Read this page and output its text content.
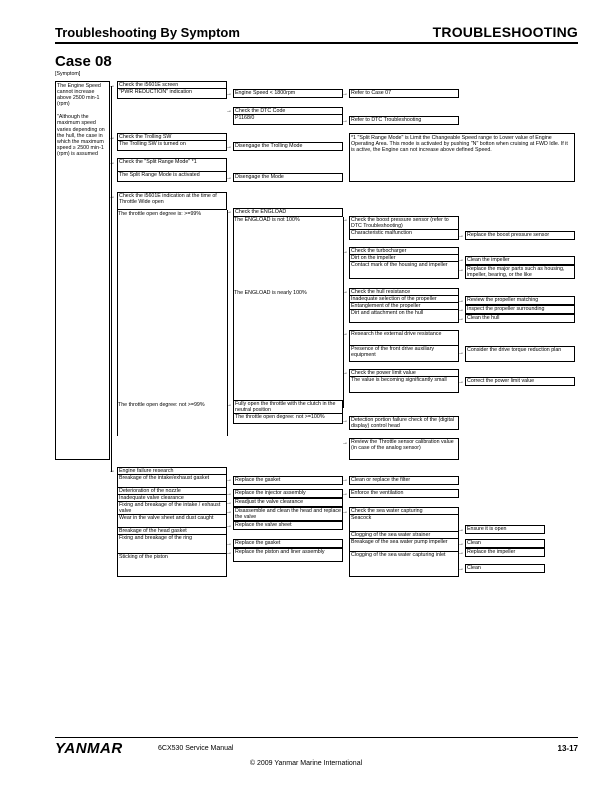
Troubleshooting By Symptom	TROUBLESHOOTING
Case 08
[Symptom]

The Engine Speed cannot increase above 2500 min-1 (rpm)

"Although the maximum speed varies depending on the hull, the case in which the maximum speed ≥ 2500 min-1 (rpm) is assumed

→ Check the i5601E screen
"PWR REDUCTION" indication	→ Engine Speed < 1800rpm	→ Refer to Case 07
→ Check the DTC Code
P1168/0	→ Refer to DTC Troubleshooting
→ Check the Trolling SW
The Trolling SW is turned on	→ Disengage the Trolling Mode
→ Check the "Split Range Mode" *1
The Split Range Mode is activated	→ Disengage the Mode
*1 "Split Range Mode" is Limit the Changeable Speed range to Lower value of Engine Operating Area. This mode is activated by pushing "N" botton when cruising at FWD Idle. If it is active, the Engine can not increase above defined Speed.
→ Check the i5601E indication at the time of Throttle Wide open
The throttle open degree is: >=99%	→ Check the ENGLOAD
The ENGLOAD is not 100%
The ENGLOAD is nearly 100%
→ Check the boost pressure sensor (refer to DTC Troubleshooting)
Characteristic malfunction	→ Replace the boost pressure sensor
→ Check the turbocharger
Dirt on the impeller
Contact mark of the housing and impeller
→ Clean the impeller
→ Replace the major parts such as housing, impeller, bearing, or the like
→ Check the hull resistance
Inadequate selection of the propeller
Entanglement of the propeller
Dirt and attachment on the hull
→ Review the propeller matching
→ Inspect the propeller surrounding
→ Clean the hull
→ Research the external drive resistance
Presence of the front drive auxiliary equipment	→ Consider the drive torque reduction plan
→ Check the power limit value
The value is becoming significantly small	→ Correct the power limit value
The throttle open degree: not >=99%	→ Fully open the throttle with the clutch in the neutral position
The throttle open degree: not >=100%
→ Detection portion failure check of the (digital display) control head
→ Review the Throttle sensor calibration value (in case of the analog sensor)
→ Engine failure research
Breakage of the intake/exhaust gasket
Deterioration of the nozzle
Inadequate valve clearance
Fixing and breakage of the intake / exhaust valve
Wear in the valve sheet and dust caught
Breakage of the head gasket
Fixing and breakage of the ring
Sticking of the piston
→ Replace the gasket
→ Replace the injector assembly
→ Readjust the valve clearance
→ Disassemble and clean the head and replace the valve
→ Replace the valve sheet
→ Replace the gasket
→ Replace the piston and liner assembly
→ Clean or replace the filter
→ Enforce the ventilation
→ Check the sea water capturing
Seacock
Clogging of the sea water strainer
Breakage of the sea water pump impeller
Clogging of the sea water capturing inlet
→ Ensure it is open
→ Clean
→ Replace the impeller
→ Clean
YANMAR	6CX530 Service Manual	13-17
© 2009 Yanmar Marine International
